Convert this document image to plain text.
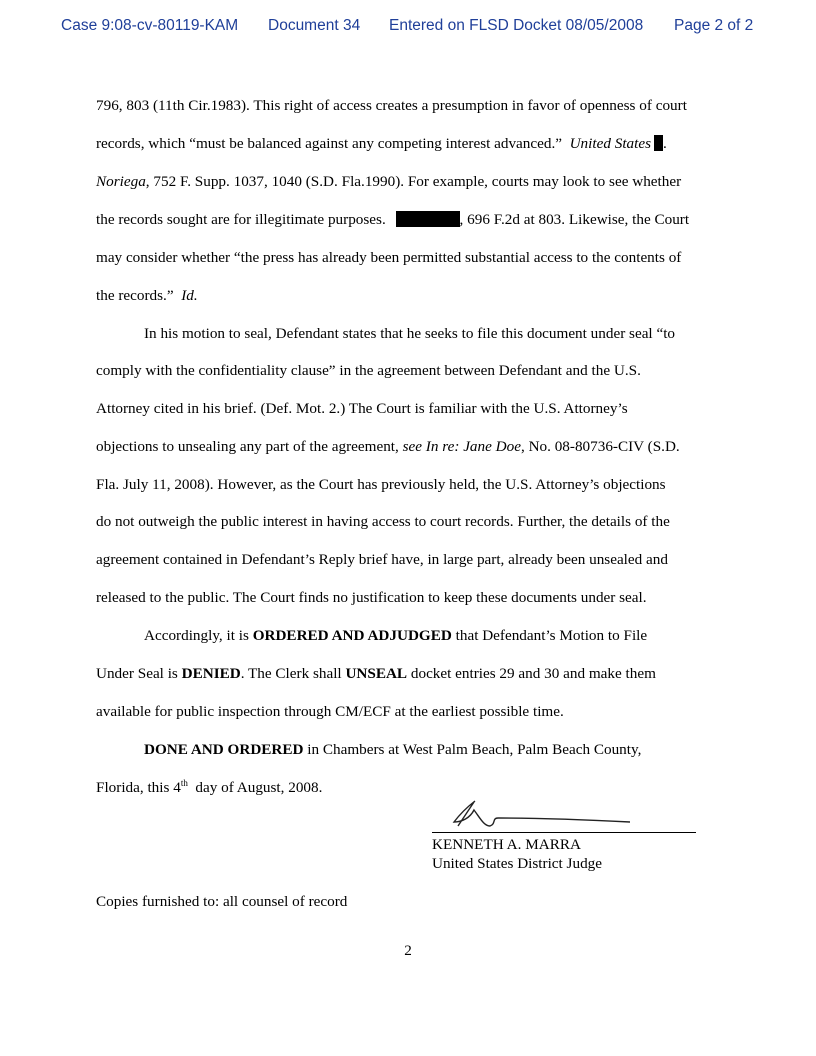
Case 9:08-cv-80119-KAM Document 34 Entered on FLSD Docket 08/05/2008 Page 2 of 2
796, 803 (11th Cir.1983). This right of access creates a presumption in favor of openness of court
records, which “must be balanced against any competing interest advanced.” United States .
Noriega, 752 F. Supp. 1037, 1040 (S.D. Fla.1990). For example, courts may look to see whether
the records sought are for illegitimate purposes.	, 696 F.2d at 803. Likewise, the Court
may consider whether “the press has already been permitted substantial access to the contents of
the records.” Id.
In his motion to seal, Defendant states that he seeks to file this document under seal “to
comply with the confidentiality clause” in the agreement between Defendant and the U.S.
Attorney cited in his brief. (Def. Mot. 2.) The Court is familiar with the U.S. Attorney’s
objections to unsealing any part of the agreement, see In re: Jane Doe, No. 08-80736-CIV (S.D.
Fla. July 11, 2008). However, as the Court has previously held, the U.S. Attorney’s objections
do not outweigh the public interest in having access to court records. Further, the details of the
agreement contained in Defendant’s Reply brief have, in large part, already been unsealed and
released to the public. The Court finds no justification to keep these documents under seal.
Accordingly, it is ORDERED AND ADJUDGED that Defendant’s Motion to File
Under Seal is DENIED. The Clerk shall UNSEAL docket entries 29 and 30 and make them
available for public inspection through CM/ECF at the earliest possible time.
DONE AND ORDERED in Chambers at West Palm Beach, Palm Beach County,
Florida, this 4th day of August, 2008.
KENNETH A. MARRA
United States District Judge
Copies furnished to: all counsel of record
2
